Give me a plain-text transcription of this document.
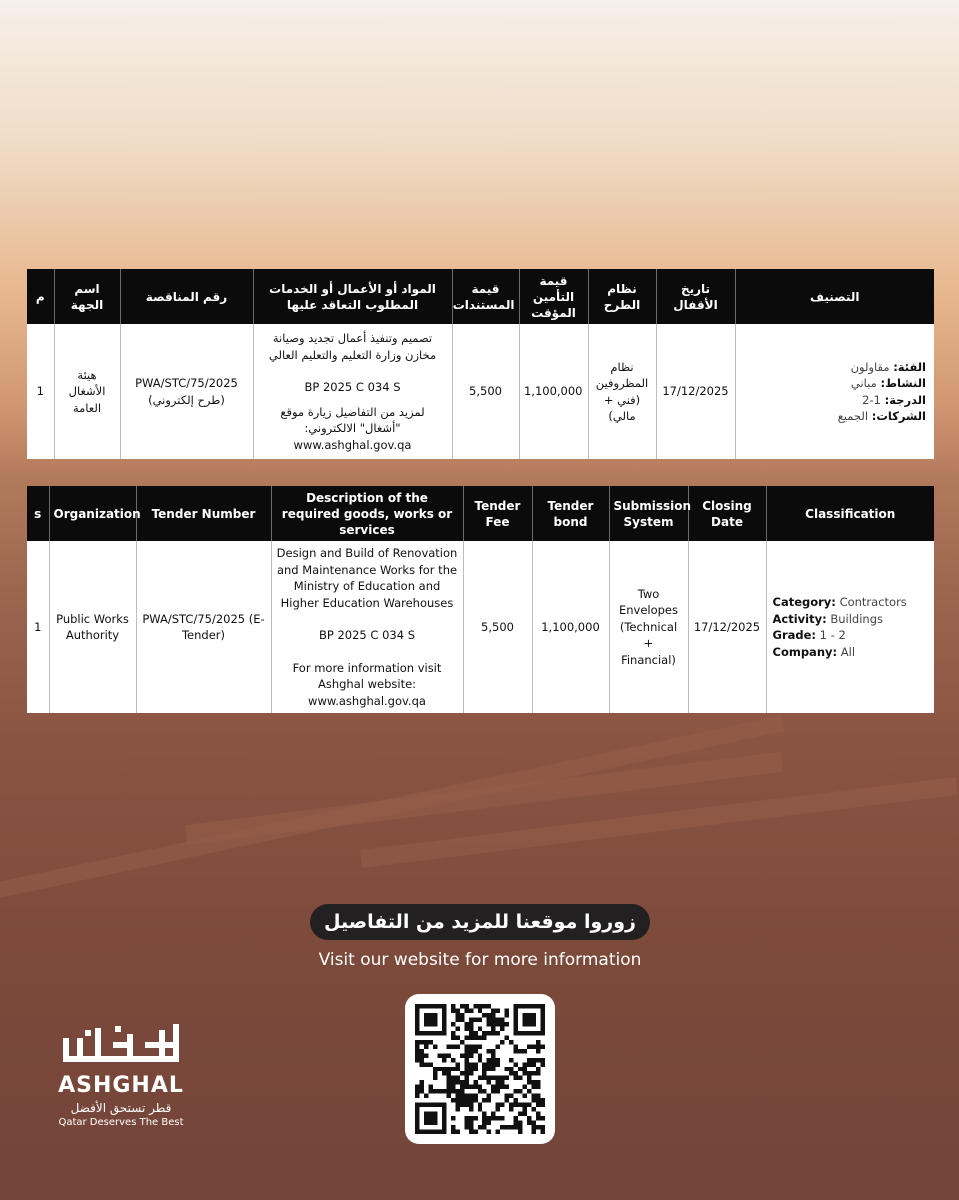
م	اسم الجهة	رقم المناقصة	المواد أو الأعمال أو الخدمات المطلوب التعاقد عليها	قيمة المستندات	قيمة التأمين المؤقت	نظام الطرح	تاريخ الأقفال	التصنيف
1	هيئة الأشغال العامة	PWA/STC/75/2025 (طرح إلكتروني)	تصميم وتنفيذ أعمال تجديد وصيانة مخازن وزارة التعليم والتعليم العالي
BP 2025 C 034 S
لمزيد من التفاصيل زيارة موقع "أشغال" الالكتروني:
www.ashghal.gov.qa	5,500	1,100,000	نظام المظروفين (فني + مالي)	17/12/2025	الفئة: مقاولون
النشاط: مباني
الدرجة: 1-2
الشركات: الجميع
s	Organization	Tender Number	Description of the required goods, works or services	Tender Fee	Tender bond	Submission System	Closing Date	Classification
1	Public Works Authority	PWA/STC/75/2025 (E-Tender)	Design and Build of Renovation and Maintenance Works for the Ministry of Education and Higher Education Warehouses
BP 2025 C 034 S
For more information visit Ashghal website:
www.ashghal.gov.qa	5,500	1,100,000	Two Envelopes (Technical + Financial)	17/12/2025	Category: Contractors
Activity: Buildings
Grade: 1 - 2
Company: All
زوروا موقعنا للمزيد من التفاصيل
Visit our website for more information
ASHGHAL
قطر تستحق الأفضل
Qatar Deserves The Best
